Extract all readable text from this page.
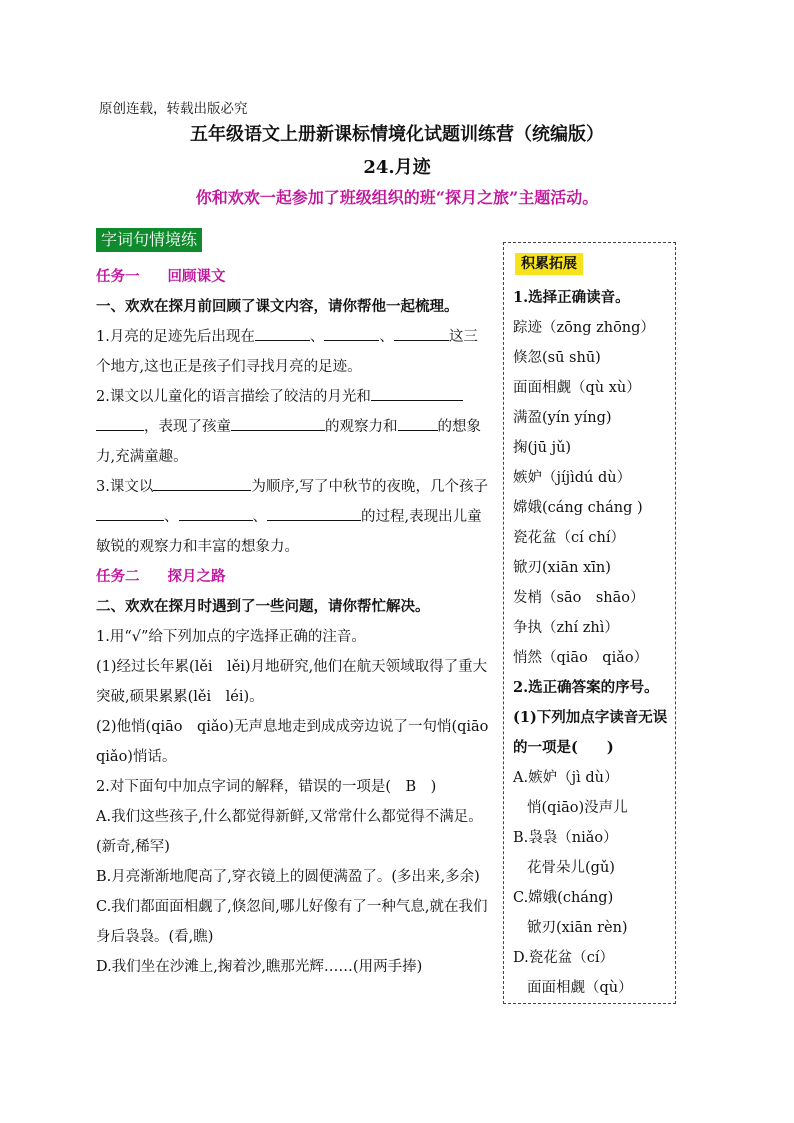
原创连载，转载出版必究
五年级语文上册新课标情境化试题训练营（统编版）
24.月迹
你和欢欢一起参加了班级组织的班“探月之旅”主题活动。
字词句情境练

任务一 回顾课文

一、欢欢在探月前回顾了课文内容，请你帮他一起梳理。

1.月亮的足迹先后出现在	、	、	这三个地方,这也正是孩子们寻找月亮的足迹。

2.课文以儿童化的语言描绘了皎洁的月光和，表现了孩童	的观察力和	的想象力,充满童趣。

3.课文以	为顺序,写了中秋节的夜晚，几个孩子、	、	的过程,表现出儿童敏锐的观察力和丰富的想象力。

任务二 探月之路

二、欢欢在探月时遇到了一些问题，请你帮忙解决。

1.用“√”给下列加点的字选择正确的注音。

(1)经过长年累(lěi　lěi)月地研究,他们在航天领域取得了重大突破,硕果累累(lěi　léi)。

(2)他悄(qiāo　qiǎo)无声息地走到成成旁边说了一句悄(qiāo　qiǎo)悄话。

2.对下面句中加点字词的解释，错误的一项是(　B　)

A.我们这些孩子,什么都觉得新鲜,又常常什么都觉得不满足。(新奇,稀罕)

B.月亮渐渐地爬高了,穿衣镜上的圆便满盈了。(多出来,多余)

C.我们都面面相觑了,倏忽间,哪儿好像有了一种气息,就在我们身后袅袅。(看,瞧)

D.我们坐在沙滩上,掬着沙,瞧那光辉……(用两手捧)

积累拓展

1.选择正确读音。

踪迹（zōng zhōng）

倏忽(sū shū)

面面相觑（qù xù）

满盈(yín yíng)

掬(jū jǔ)

嫉妒（jíjìdú dù）

嫦娥(cáng cháng )

瓷花盆（cí chí）

锨刃(xiān xīn)

发梢（sāo　shāo）

争执（zhí zhì）

悄然（qiāo　qiǎo）

2.选正确答案的序号。

(1)下列加点字读音无误的一项是(　　)

A.嫉妒（jì dù）

悄(qiāo)没声儿

B.袅袅（niǎo）

花骨朵儿(gǔ)

C.嫦娥(cháng)

锨刃(xiān rèn)

D.瓷花盆（cí）

面面相觑（qù）
